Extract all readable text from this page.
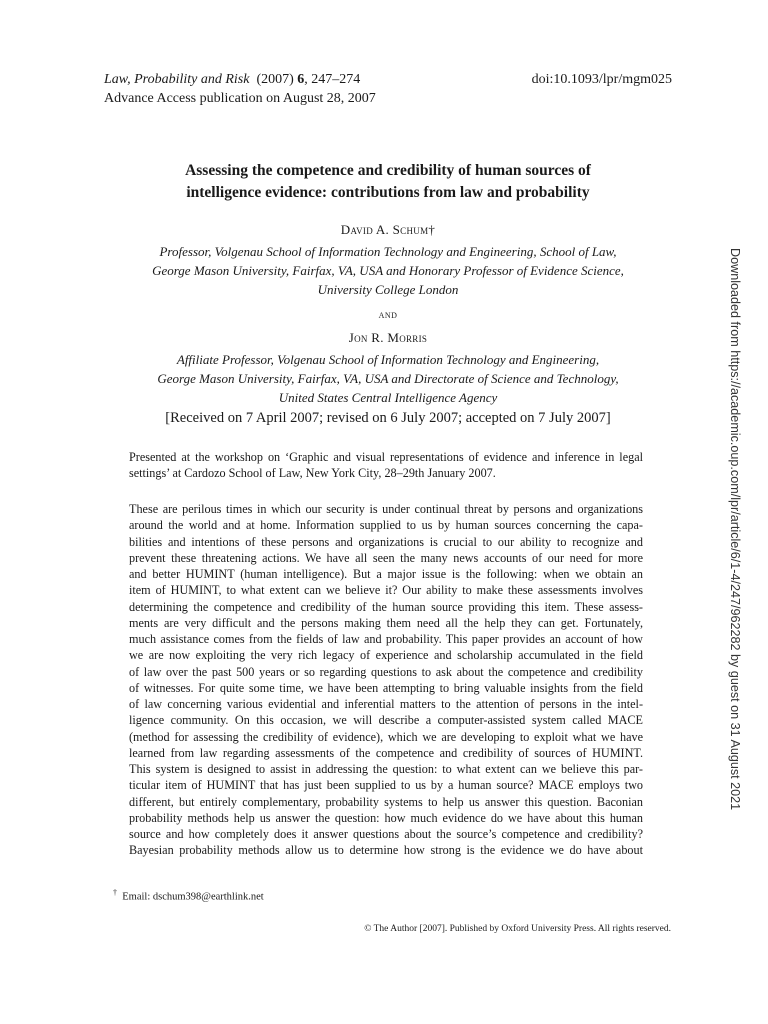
Law, Probability and Risk (2007) 6, 247–274	doi:10.1093/lpr/mgm025
Advance Access publication on August 28, 2007
Assessing the competence and credibility of human sources of
intelligence evidence: contributions from law and probability
David A. Schum†
Professor, Volgenau School of Information Technology and Engineering, School of Law,
George Mason University, Fairfax, VA, USA and Honorary Professor of Evidence Science,
University College London
and
Jon R. Morris
Affiliate Professor, Volgenau School of Information Technology and Engineering,
George Mason University, Fairfax, VA, USA and Directorate of Science and Technology,
United States Central Intelligence Agency
[Received on 7 April 2007; revised on 6 July 2007; accepted on 7 July 2007]
Presented at the workshop on ‘Graphic and visual representations of evidence and inference in legal
settings’ at Cardozo School of Law, New York City, 28–29th January 2007.
These are perilous times in which our security is under continual threat by persons and organizations
around the world and at home. Information supplied to us by human sources concerning the capa-
bilities and intentions of these persons and organizations is crucial to our ability to recognize and
prevent these threatening actions. We have all seen the many news accounts of our need for more
and better HUMINT (human intelligence). But a major issue is the following: when we obtain an
item of HUMINT, to what extent can we believe it? Our ability to make these assessments involves
determining the competence and credibility of the human source providing this item. These assess-
ments are very difficult and the persons making them need all the help they can get. Fortunately,
much assistance comes from the fields of law and probability. This paper provides an account of how
we are now exploiting the very rich legacy of experience and scholarship accumulated in the field
of law over the past 500 years or so regarding questions to ask about the competence and credibility
of witnesses. For quite some time, we have been attempting to bring valuable insights from the field
of law concerning various evidential and inferential matters to the attention of persons in the intel-
ligence community. On this occasion, we will describe a computer-assisted system called MACE
(method for assessing the credibility of evidence), which we are developing to exploit what we have
learned from law regarding assessments of the competence and credibility of sources of HUMINT.
This system is designed to assist in addressing the question: to what extent can we believe this par-
ticular item of HUMINT that has just been supplied to us by a human source? MACE employs two
different, but entirely complementary, probability systems to help us answer this question. Baconian
probability methods help us answer the question: how much evidence do we have about this human
source and how completely does it answer questions about the source’s competence and credibility?
Bayesian probability methods allow us to determine how strong is the evidence we do have about
† Email: dschum398@earthlink.net
© The Author [2007]. Published by Oxford University Press. All rights reserved.
Downloaded from https://academic.oup.com/lpr/article/6/1-4/247/962282 by guest on 31 August 2021
